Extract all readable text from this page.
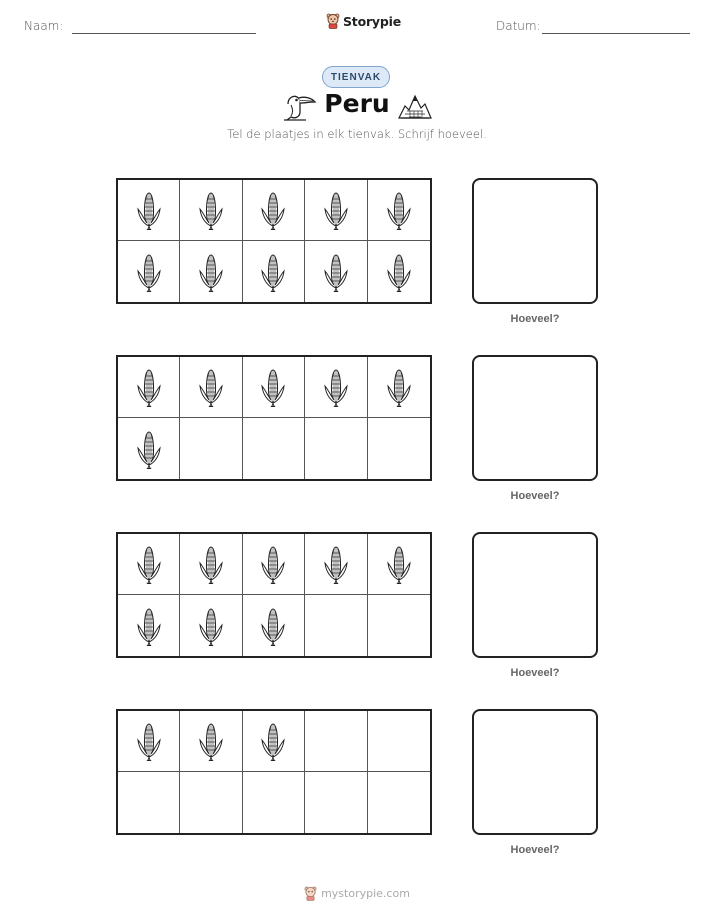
Naam:	Storypie	Datum:
TIENVAK
Peru
Tel de plaatjes in elk tienvak. Schrijf hoeveel.
Hoeveel?
Hoeveel?
Hoeveel?
Hoeveel?
mystorypie.com
